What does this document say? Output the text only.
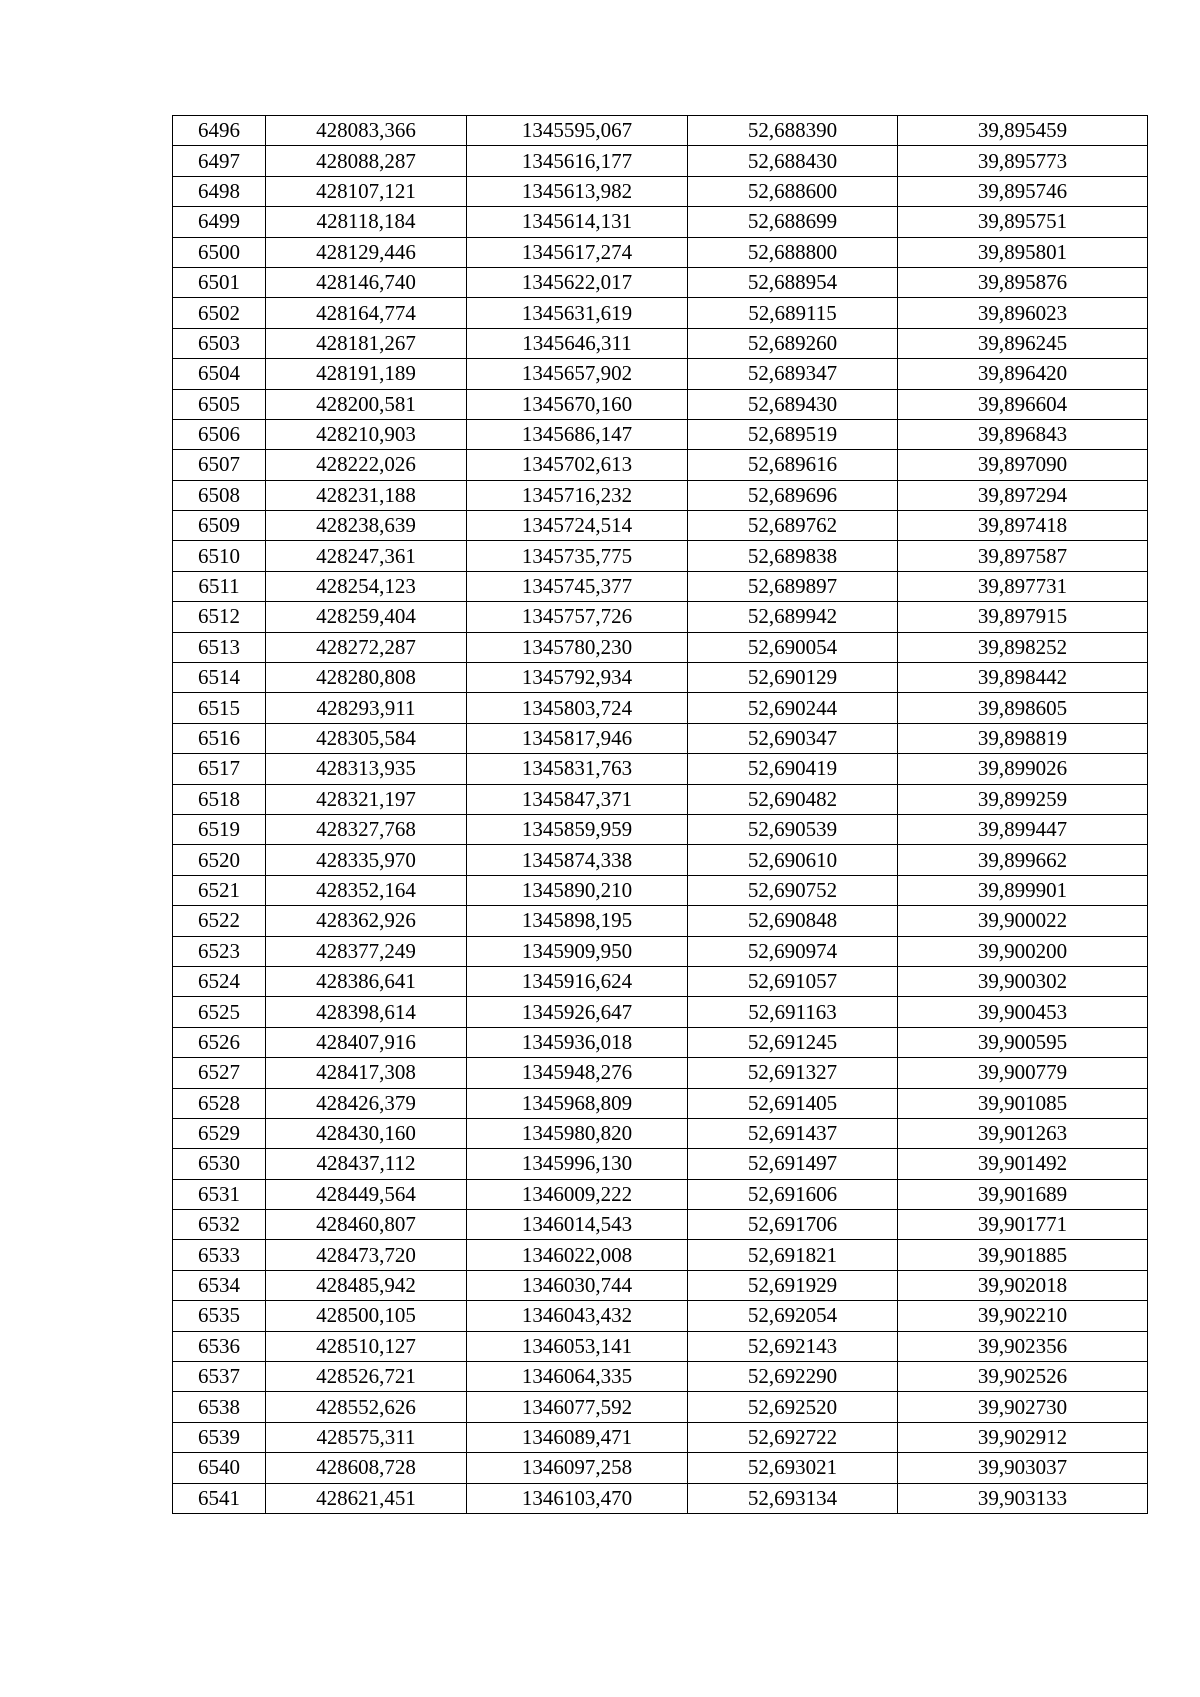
6496	428083,366	1345595,067	52,688390	39,895459
6497	428088,287	1345616,177	52,688430	39,895773
6498	428107,121	1345613,982	52,688600	39,895746
6499	428118,184	1345614,131	52,688699	39,895751
6500	428129,446	1345617,274	52,688800	39,895801
6501	428146,740	1345622,017	52,688954	39,895876
6502	428164,774	1345631,619	52,689115	39,896023
6503	428181,267	1345646,311	52,689260	39,896245
6504	428191,189	1345657,902	52,689347	39,896420
6505	428200,581	1345670,160	52,689430	39,896604
6506	428210,903	1345686,147	52,689519	39,896843
6507	428222,026	1345702,613	52,689616	39,897090
6508	428231,188	1345716,232	52,689696	39,897294
6509	428238,639	1345724,514	52,689762	39,897418
6510	428247,361	1345735,775	52,689838	39,897587
6511	428254,123	1345745,377	52,689897	39,897731
6512	428259,404	1345757,726	52,689942	39,897915
6513	428272,287	1345780,230	52,690054	39,898252
6514	428280,808	1345792,934	52,690129	39,898442
6515	428293,911	1345803,724	52,690244	39,898605
6516	428305,584	1345817,946	52,690347	39,898819
6517	428313,935	1345831,763	52,690419	39,899026
6518	428321,197	1345847,371	52,690482	39,899259
6519	428327,768	1345859,959	52,690539	39,899447
6520	428335,970	1345874,338	52,690610	39,899662
6521	428352,164	1345890,210	52,690752	39,899901
6522	428362,926	1345898,195	52,690848	39,900022
6523	428377,249	1345909,950	52,690974	39,900200
6524	428386,641	1345916,624	52,691057	39,900302
6525	428398,614	1345926,647	52,691163	39,900453
6526	428407,916	1345936,018	52,691245	39,900595
6527	428417,308	1345948,276	52,691327	39,900779
6528	428426,379	1345968,809	52,691405	39,901085
6529	428430,160	1345980,820	52,691437	39,901263
6530	428437,112	1345996,130	52,691497	39,901492
6531	428449,564	1346009,222	52,691606	39,901689
6532	428460,807	1346014,543	52,691706	39,901771
6533	428473,720	1346022,008	52,691821	39,901885
6534	428485,942	1346030,744	52,691929	39,902018
6535	428500,105	1346043,432	52,692054	39,902210
6536	428510,127	1346053,141	52,692143	39,902356
6537	428526,721	1346064,335	52,692290	39,902526
6538	428552,626	1346077,592	52,692520	39,902730
6539	428575,311	1346089,471	52,692722	39,902912
6540	428608,728	1346097,258	52,693021	39,903037
6541	428621,451	1346103,470	52,693134	39,903133
